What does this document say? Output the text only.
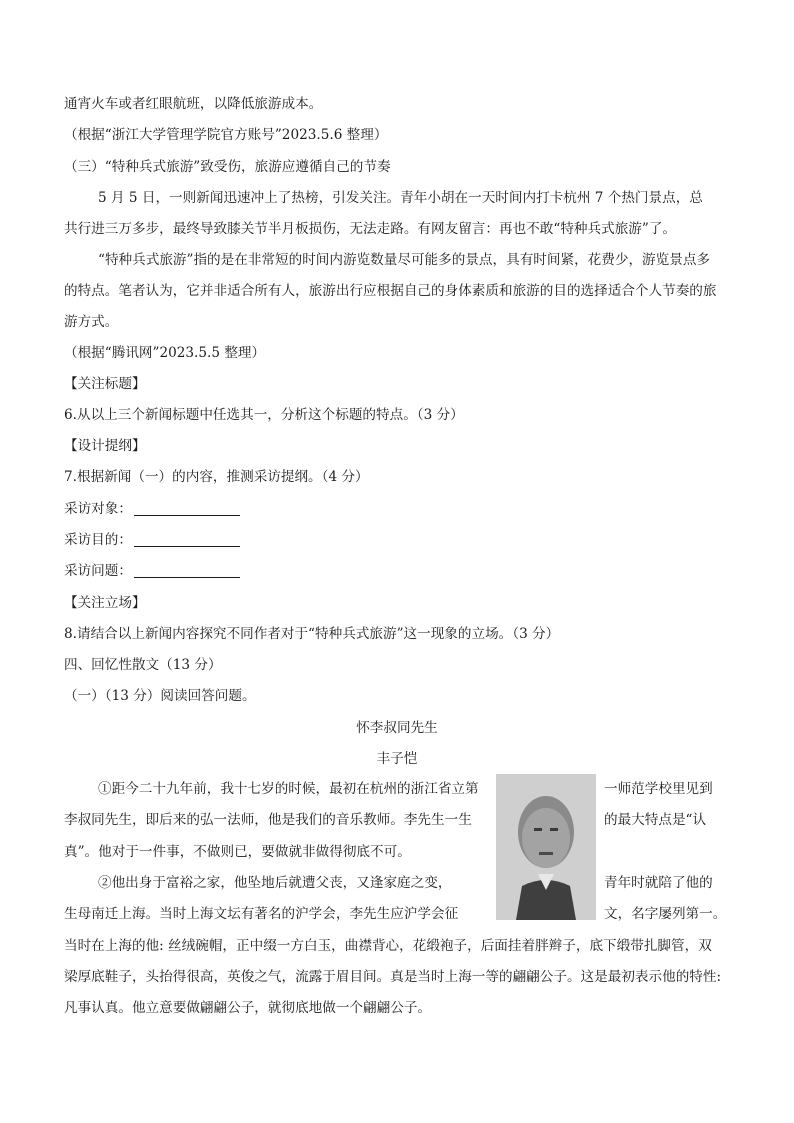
通宵火车或者红眼航班，以降低旅游成本。
（根据“浙江大学管理学院官方账号”2023.5.6 整理）
（三）“特种兵式旅游”致受伤，旅游应遵循自己的节奏
5 月 5 日，一则新闻迅速冲上了热榜，引发关注。青年小胡在一天时间内打卡杭州 7 个热门景点，总
共行进三万多步，最终导致膝关节半月板损伤，无法走路。有网友留言：再也不敢“特种兵式旅游”了。
“特种兵式旅游”指的是在非常短的时间内游览数量尽可能多的景点，具有时间紧，花费少，游览景点多
的特点。笔者认为，它并非适合所有人，旅游出行应根据自己的身体素质和旅游的目的选择适合个人节奏的旅
游方式。
（根据“腾讯网”2023.5.5 整理）
【关注标题】
6.从以上三个新闻标题中任选其一，分析这个标题的特点。（3 分）
【设计提纲】
7.根据新闻（一）的内容，推测采访提纲。（4 分）
采访对象：
采访目的：
采访问题：
【关注立场】
8.请结合以上新闻内容探究不同作者对于“特种兵式旅游”这一现象的立场。（3 分）
四、回忆性散文（13 分）
（一）（13 分）阅读回答问题。
怀李叔同先生
丰子恺
①距今二十九年前，我十七岁的时候，最初在杭州的浙江省立第	一师范学校里见到
李叔同先生，即后来的弘一法师，他是我们的音乐教师。李先生一生	的最大特点是“认
真”。他对于一件事，不做则已，要做就非做得彻底不可。
②他出身于富裕之家，他坠地后就遭父丧，又逢家庭之变，	青年时就陪了他的
生母南迁上海。当时上海文坛有著名的沪学会，李先生应沪学会征	文，名字屡列第一。
当时在上海的他: 丝绒碗帽，正中缀一方白玉，曲襟背心，花缎袍子，后面挂着胖辫子，底下缎带扎脚管，双
梁厚底鞋子，头抬得很高，英俊之气，流露于眉目间。真是当时上海一等的翩翩公子。这是最初表示他的特性:
凡事认真。他立意要做翩翩公子，就彻底地做一个翩翩公子。
